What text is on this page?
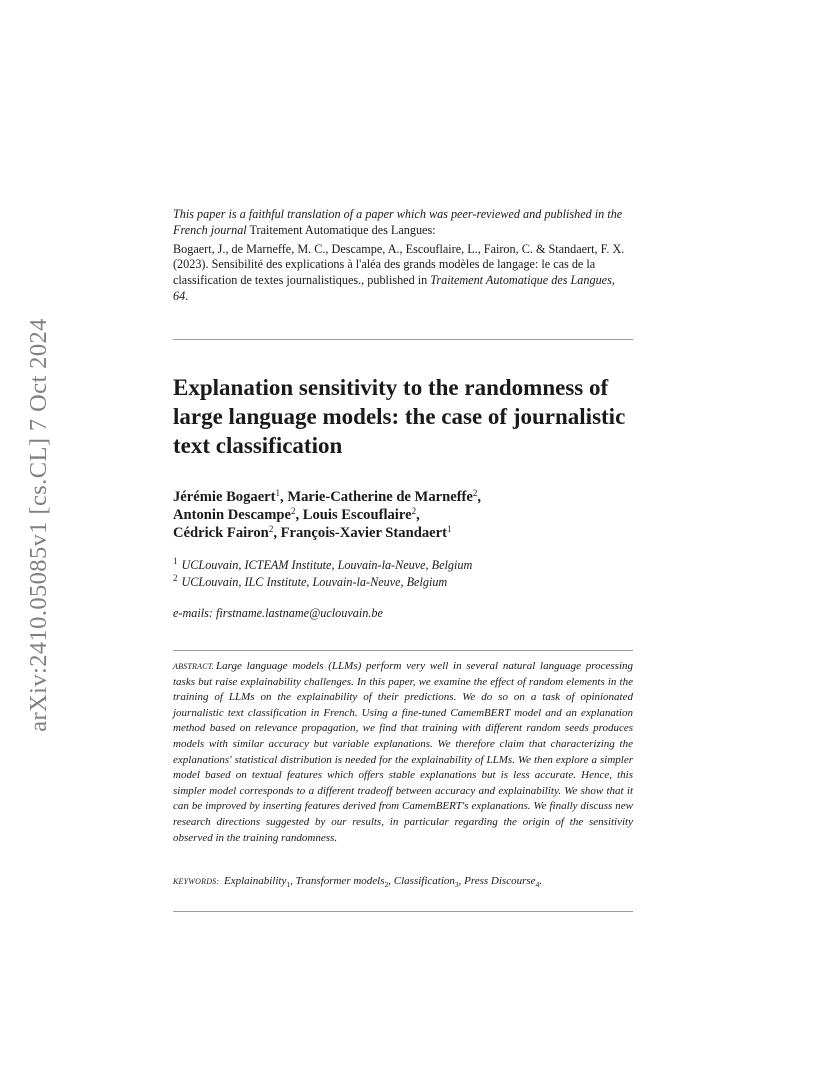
arXiv:2410.05085v1 [cs.CL] 7 Oct 2024

This paper is a faithful translation of a paper which was peer-reviewed and published in the French journal Traitement Automatique des Langues:

Bogaert, J., de Marneffe, M. C., Descampe, A., Escouflaire, L., Fairon, C. & Standaert, F. X. (2023). Sensibilité des explications à l'aléa des grands modèles de langage: le cas de la classification de textes journalistiques., published in Traitement Automatique des Langues, 64.

Explanation sensitivity to the randomness of large language models: the case of journalistic text classification
Jérémie Bogaert$^1$, Marie-Catherine de Marneffe$^2$,
Antonin Descampe$^2$, Louis Escouflaire$^2$,
Cédrick Fairon$^2$, François-Xavier Standaert$^1$
$^1$ UCLouvain, ICTEAM Institute, Louvain-la-Neuve, Belgium
$^2$ UCLouvain, ILC Institute, Louvain-la-Neuve, Belgium
e-mails: firstname.lastname@uclouvain.be
ABSTRACT. Large language models (LLMs) perform very well in several natural language processing tasks but raise explainability challenges. In this paper, we examine the effect of random elements in the training of LLMs on the explainability of their predictions. We do so on a task of opinionated journalistic text classification in French. Using a fine-tuned CamemBERT model and an explanation method based on relevance propagation, we find that training with different random seeds produces models with similar accuracy but variable explanations. We therefore claim that characterizing the explanations' statistical distribution is needed for the explainability of LLMs. We then explore a simpler model based on textual features which offers stable explanations but is less accurate. Hence, this simpler model corresponds to a different tradeoff between accuracy and explainability. We show that it can be improved by inserting features derived from CamemBERT's explanations. We finally discuss new research directions suggested by our results, in particular regarding the origin of the sensitivity observed in the training randomness.
KEYWORDS: Explainability$_1$, Transformer models$_2$, Classification$_3$, Press Discourse$_4$.
